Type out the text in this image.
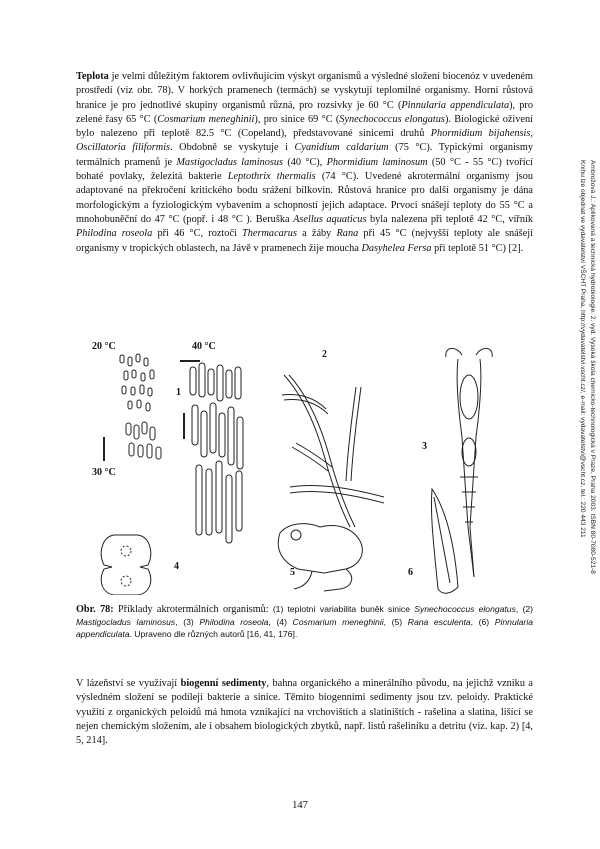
Teplota je velmi důležitým faktorem ovlivňujícím výskyt organismů a výsledné složení biocenóz v uvedeném prostředí (viz obr. 78). V horkých pramenech (termách) se vyskytují teplomilné organismy. Horní růstová hranice je pro jednotlivé skupiny organismů různá, pro rozsivky je 60 °C (Pinnularia appendiculata), pro zelené řasy 65 °C (Cosmarium meneghinii), pro sinice 69 °C (Synechococcus elongatus). Biologické oživení bylo nalezeno při teplotě 82.5 °C (Copeland), představované sinicemi druhů Phormidium bijahensis, Oscillatoria filiformis. Obdobně se vyskytuje i Cyanidium caldarium (75 °C). Typickými organismy termálních pramenů je Mastigocladus laminosus (40 °C), Phormidium laminosum (50 °C - 55 °C) tvořící bohaté povlaky, železitá bakterie Leptothrix thermalis (74 °C). Uvedené akrotermální organismy jsou adaptované na překročení kritického bodu srážení bílkovin. Růstová hranice pro další organismy je dána morfologickým a fyziologickým vybavením a schopností jejich adaptace. Prvoci snášejí teploty do 55 °C a mnohobuněční do 47 °C (popř. i 48 °C ). Beruška Asellus aquaticus byla nalezena při teplotě 42 °C, vířník Philodina roseola při 46 °C, roztoči Thermacarus a žáby Rana při 45 °C (nejvyšší teploty ale snášejí organismy v tropických oblastech, na Jávě v pramenech žije moucha Dasyhelea Fersa při teplotě 51 °C) [2].

20 °C	40 °C
30 °C
1
2
3
4
5	6

Obr. 78: Příklady akrotermálních organismů: (1) teplotní variabilita buněk sinice Synechococcus elongatus, (2) Mastigocladus laminosus, (3) Philodina roseola, (4) Cosmarium meneghinii, (5) Rana esculenta, (6) Pinnularia appendiculata. Upraveno dle různých autorů [16, 41, 176].

V lázeňství se využívají biogenní sedimenty, bahna organického a minerálního původu, na jejichž vzniku a výsledném složení se podílejí bakterie a sinice. Těmito biogenními sedimenty jsou tzv. peloidy. Praktické využití z organických peloidů má hmota vznikající na vrchovištích a slatiništích - rašelina a slatina, lišící se nejen chemickým složením, ale i obsahem biologických zbytků, např. listů rašeliníku a detritu (viz. kap. 2) [4, 5, 214].

147
Ambrožová J.: Aplikovaná a technická hydrobiologie. 2. vyd. Vysoká škola chemicko-technologická v Praze, Praha 2003. ISBN 80-7080-521-8
Knihu lze objednat ve vydavatelství VŠCHT Praha, http://vydavatelstvi.vscht.cz/, e-mail: vydavatelstvi@vscht.cz, tel.: 220 443 211
